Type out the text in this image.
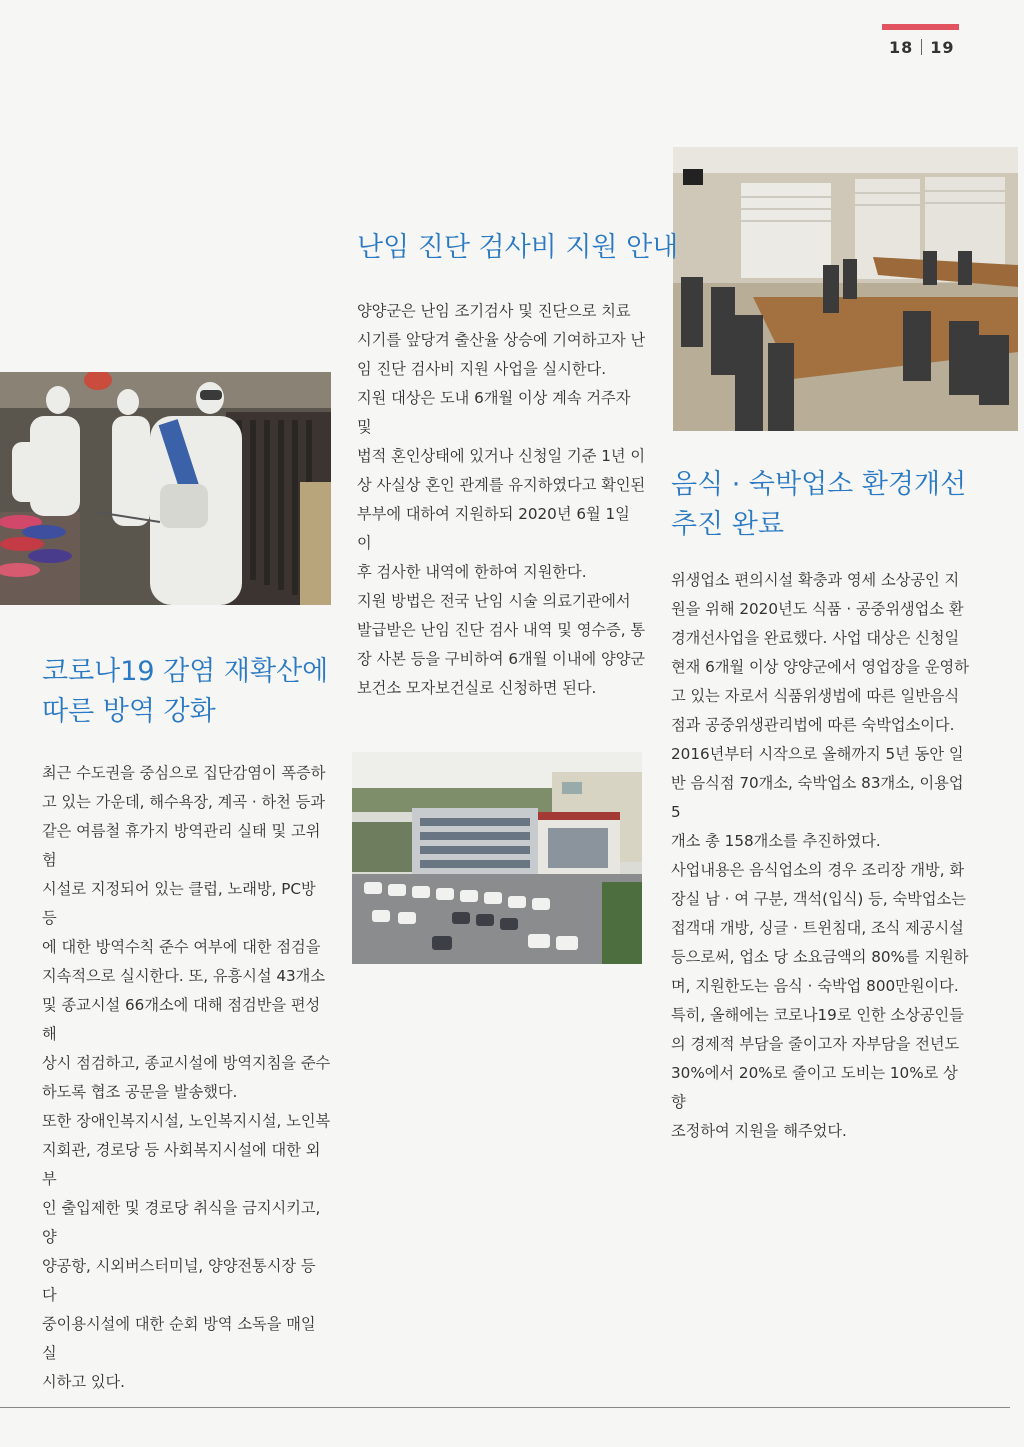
18 19
난임 진단 검사비 지원 안내

양양군은 난임 조기검사 및 진단으로 치료

시기를 앞당겨 출산율 상승에 기여하고자 난

임 진단 검사비 지원 사업을 실시한다.

지원 대상은 도내 6개월 이상 계속 거주자 및

법적 혼인상태에 있거나 신청일 기준 1년 이

상 사실상 혼인 관계를 유지하였다고 확인된

부부에 대하여 지원하되 2020년 6월 1일 이

후 검사한 내역에 한하여 지원한다.

지원 방법은 전국 난임 시술 의료기관에서

발급받은 난임 진단 검사 내역 및 영수증, 통

장 사본 등을 구비하여 6개월 이내에 양양군

보건소 모자보건실로 신청하면 된다.

코로나19 감염 재확산에
따른 방역 강화

최근 수도권을 중심으로 집단감염이 폭증하

고 있는 가운데, 해수욕장, 계곡 · 하천 등과

같은 여름철 휴가지 방역관리 실태 및 고위험

시설로 지정되어 있는 클럽, 노래방, PC방 등

에 대한 방역수칙 준수 여부에 대한 점검을

지속적으로 실시한다. 또, 유흥시설 43개소

및 종교시설 66개소에 대해 점검반을 편성해

상시 점검하고, 종교시설에 방역지침을 준수

하도록 협조 공문을 발송했다.

또한 장애인복지시설, 노인복지시설, 노인복

지회관, 경로당 등 사회복지시설에 대한 외부

인 출입제한 및 경로당 취식을 금지시키고, 양

양공항, 시외버스터미널, 양양전통시장 등 다

중이용시설에 대한 순회 방역 소독을 매일 실

시하고 있다.

음식 · 숙박업소 환경개선
추진 완료

위생업소 편의시설 확충과 영세 소상공인 지

원을 위해 2020년도 식품 · 공중위생업소 환

경개선사업을 완료했다. 사업 대상은 신청일

현재 6개월 이상 양양군에서 영업장을 운영하

고 있는 자로서 식품위생법에 따른 일반음식

점과 공중위생관리법에 따른 숙박업소이다.

2016년부터 시작으로 올해까지 5년 동안 일

반 음식점 70개소, 숙박업소 83개소, 이용업 5

개소 총 158개소를 추진하였다.

사업내용은 음식업소의 경우 조리장 개방, 화

장실 남 · 여 구분, 객석(입식) 등, 숙박업소는

접객대 개방, 싱글 · 트윈침대, 조식 제공시설

등으로써, 업소 당 소요금액의 80%를 지원하

며, 지원한도는 음식 · 숙박업 800만원이다.

특히, 올해에는 코로나19로 인한 소상공인들

의 경제적 부담을 줄이고자 자부담을 전년도

30%에서 20%로 줄이고 도비는 10%로 상향

조정하여 지원을 해주었다.
